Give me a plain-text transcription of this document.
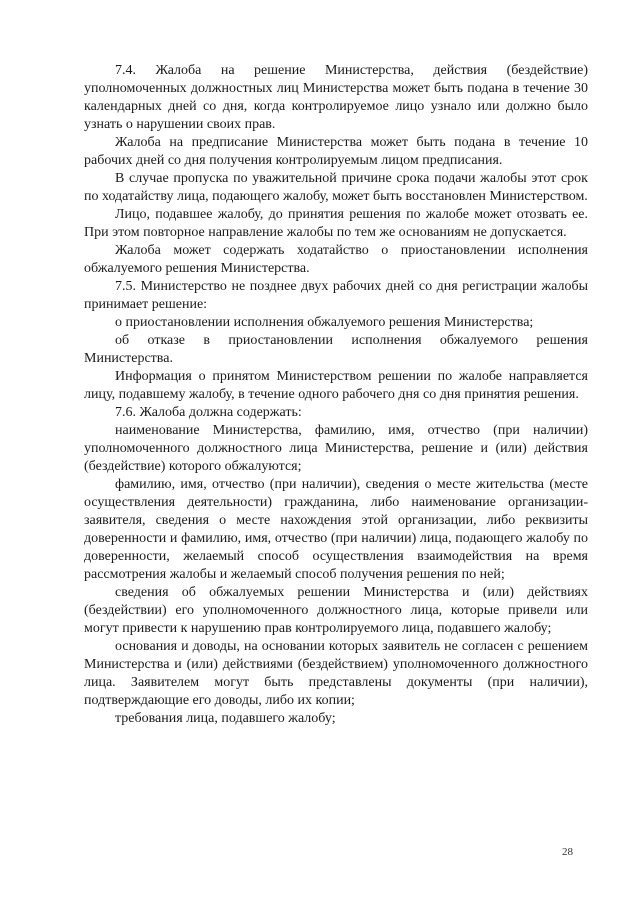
7.4. Жалоба на решение Министерства, действия (бездействие) уполномоченных должностных лиц Министерства может быть подана в течение 30 календарных дней со дня, когда контролируемое лицо узнало или должно было узнать о нарушении своих прав.

Жалоба на предписание Министерства может быть подана в течение 10 рабочих дней со дня получения контролируемым лицом предписания.

В случае пропуска по уважительной причине срока подачи жалобы этот срок по ходатайству лица, подающего жалобу, может быть восстановлен Министерством.

Лицо, подавшее жалобу, до принятия решения по жалобе может отозвать ее. При этом повторное направление жалобы по тем же основаниям не допускается.

Жалоба может содержать ходатайство о приостановлении исполнения обжалуемого решения Министерства.

7.5. Министерство не позднее двух рабочих дней со дня регистрации жалобы принимает решение:

о приостановлении исполнения обжалуемого решения Министерства;

об отказе в приостановлении исполнения обжалуемого решения Министерства.

Информация о принятом Министерством решении по жалобе направляется лицу, подавшему жалобу, в течение одного рабочего дня со дня принятия решения.

7.6. Жалоба должна содержать:

наименование Министерства, фамилию, имя, отчество (при наличии) уполномоченного должностного лица Министерства, решение и (или) действия (бездействие) которого обжалуются;

фамилию, имя, отчество (при наличии), сведения о месте жительства (месте осуществления деятельности) гражданина, либо наименование организации-заявителя, сведения о месте нахождения этой организации, либо реквизиты доверенности и фамилию, имя, отчество (при наличии) лица, подающего жалобу по доверенности, желаемый способ осуществления взаимодействия на время рассмотрения жалобы и желаемый способ получения решения по ней;

сведения об обжалуемых решении Министерства и (или) действиях (бездействии) его уполномоченного должностного лица, которые привели или могут привести к нарушению прав контролируемого лица, подавшего жалобу;

основания и доводы, на основании которых заявитель не согласен с решением Министерства и (или) действиями (бездействием) уполномоченного должностного лица. Заявителем могут быть представлены документы (при наличии), подтверждающие его доводы, либо их копии;

требования лица, подавшего жалобу;

28
